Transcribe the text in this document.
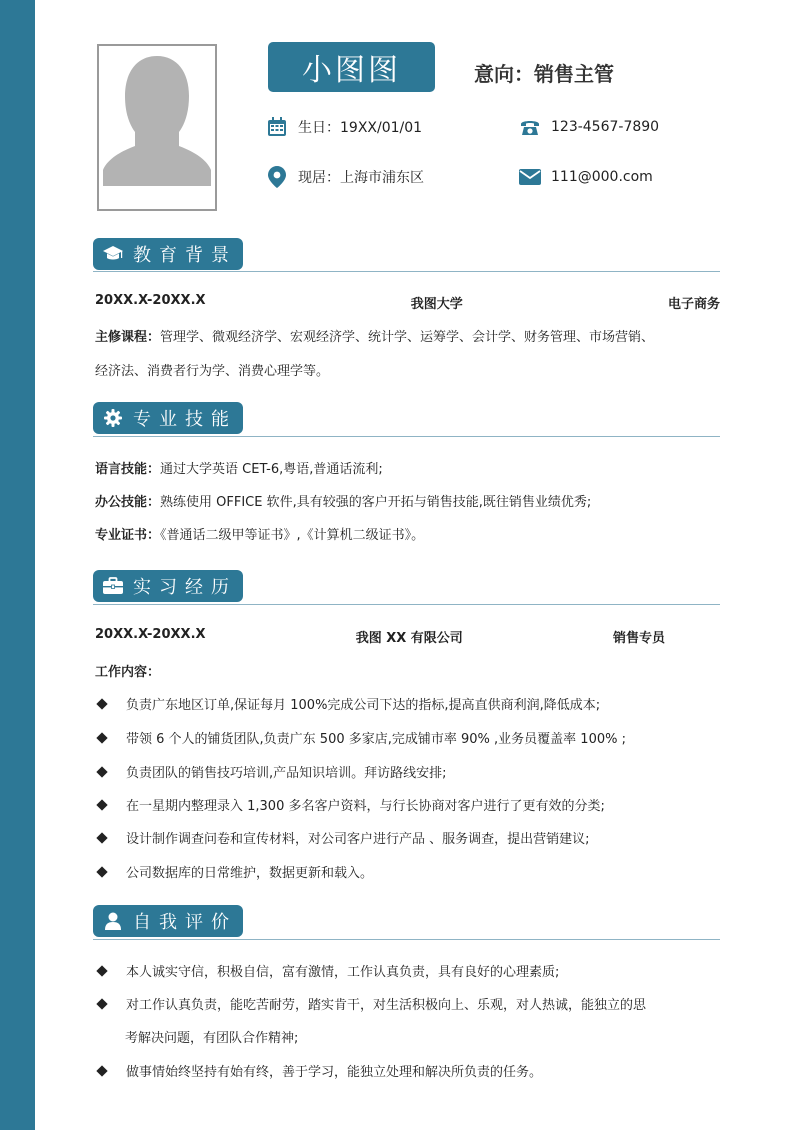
小图图	意向：销售主管
生日：19XX/01/01	123-4567-7890
现居：上海市浦东区	111@000.com
教育背景
20XX.X-20XX.X	我图大学	电子商务
主修课程：管理学、微观经济学、宏观经济学、统计学、运筹学、会计学、财务管理、市场营销、
经济法、消费者行为学、消费心理学等。
专业技能
语言技能：通过大学英语 CET-6,粤语,普通话流利;
办公技能：熟练使用 OFFICE 软件,具有较强的客户开拓与销售技能,既往销售业绩优秀;
专业证书：《普通话二级甲等证书》,《计算机二级证书》。
实习经历
20XX.X-20XX.X	我图 XX 有限公司	销售专员
工作内容：
负责广东地区订单,保证每月 100%完成公司下达的指标,提高直供商利润,降低成本;
带领 6 个人的铺货团队,负责广东 500 多家店,完成铺市率 90% ,业务员覆盖率 100% ;
负责团队的销售技巧培训,产品知识培训。拜访路线安排;
在一星期内整理录入 1,300 多名客户资料，与行长协商对客户进行了更有效的分类;
设计制作调查问卷和宣传材料，对公司客户进行产品 、服务调查，提出营销建议;
公司数据库的日常维护，数据更新和载入。
自我评价
本人诚实守信，积极自信，富有激情，工作认真负责，具有良好的心理素质;
对工作认真负责，能吃苦耐劳，踏实肯干，对生活积极向上、乐观，对人热诚，能独立的思
考解决问题，有团队合作精神;
做事情始终坚持有始有终，善于学习，能独立处理和解决所负责的任务。
